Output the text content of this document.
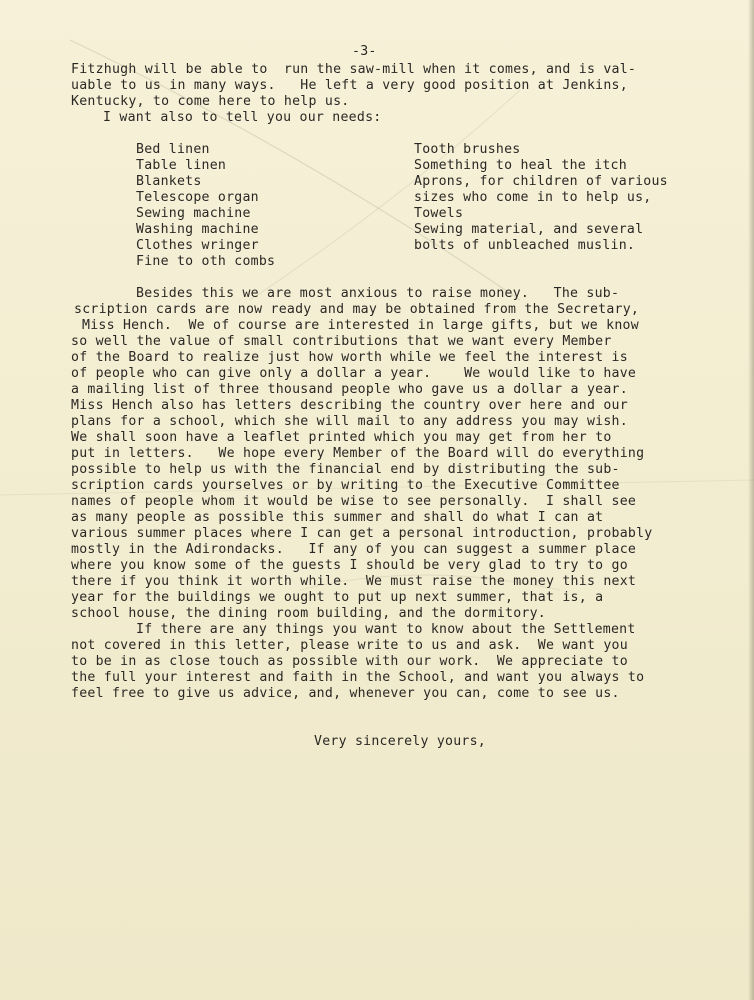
-3-
Fitzhugh will be able to  run the saw-mill when it comes, and is val-
uable to us in many ways.   He left a very good position at Jenkins,
Kentucky, to come here to help us.
I want also to tell you our needs:
Bed linen
Table linen
Blankets
Telescope organ
Sewing machine
Washing machine
Clothes wringer
Fine to oth combs
Tooth brushes
Something to heal the itch
Aprons, for children of various
sizes who come in to help us,
Towels
Sewing material, and several
bolts of unbleached muslin.
Besides this we are most anxious to raise money.   The sub-
scription cards are now ready and may be obtained from the Secretary,
Miss Hench.  We of course are interested in large gifts, but we know
so well the value of small contributions that we want every Member
of the Board to realize just how worth while we feel the interest is
of people who can give only a dollar a year.    We would like to have
a mailing list of three thousand people who gave us a dollar a year.
Miss Hench also has letters describing the country over here and our
plans for a school, which she will mail to any address you may wish.
We shall soon have a leaflet printed which you may get from her to
put in letters.   We hope every Member of the Board will do everything
possible to help us with the financial end by distributing the sub-
scription cards yourselves or by writing to the Executive Committee
names of people whom it would be wise to see personally.  I shall see
as many people as possible this summer and shall do what I can at
various summer places where I can get a personal introduction, probably
mostly in the Adirondacks.   If any of you can suggest a summer place
where you know some of the guests I should be very glad to try to go
there if you think it worth while.  We must raise the money this next
year for the buildings we ought to put up next summer, that is, a
school house, the dining room building, and the dormitory.
If there are any things you want to know about the Settlement
not covered in this letter, please write to us and ask.  We want you
to be in as close touch as possible with our work.  We appreciate to
the full your interest and faith in the School, and want you always to
feel free to give us advice, and, whenever you can, come to see us.
Very sincerely yours,
